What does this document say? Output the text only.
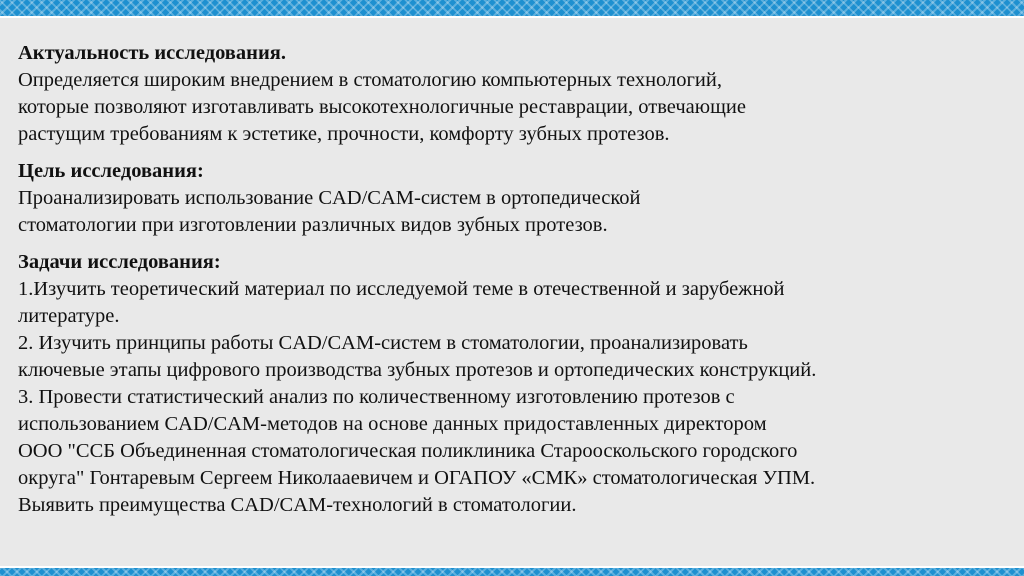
Актуальность исследования.
Определяется широким внедрением в стоматологию компьютерных технологий,
которые позволяют изготавливать высокотехнологичные реставрации, отвечающие
растущим требованиям к эстетике, прочности, комфорту зубных протезов.
Цель исследования:
Проанализировать использование CAD/CAM-систем в ортопедической
стоматологии при изготовлении различных видов зубных протезов.
Задачи исследования:
1.Изучить теоретический материал по исследуемой теме в отечественной и зарубежной
литературе.
2. Изучить принципы работы CAD/CAM-систем в стоматологии, проанализировать
ключевые этапы цифрового производства зубных протезов и ортопедических конструкций.
3. Провести статистический анализ по количественному изготовлению протезов с
использованием CAD/CAM-методов на основе данных придоставленных директором
ООО "ССБ Объединенная стоматологическая поликлиника Старооскольского городского
округа" Гонтаревым Сергеем Николаaевичем и ОГАПОУ «СМК» стоматологическая УПМ.
Выявить преимущества CAD/CAM-технологий в стоматологии.
